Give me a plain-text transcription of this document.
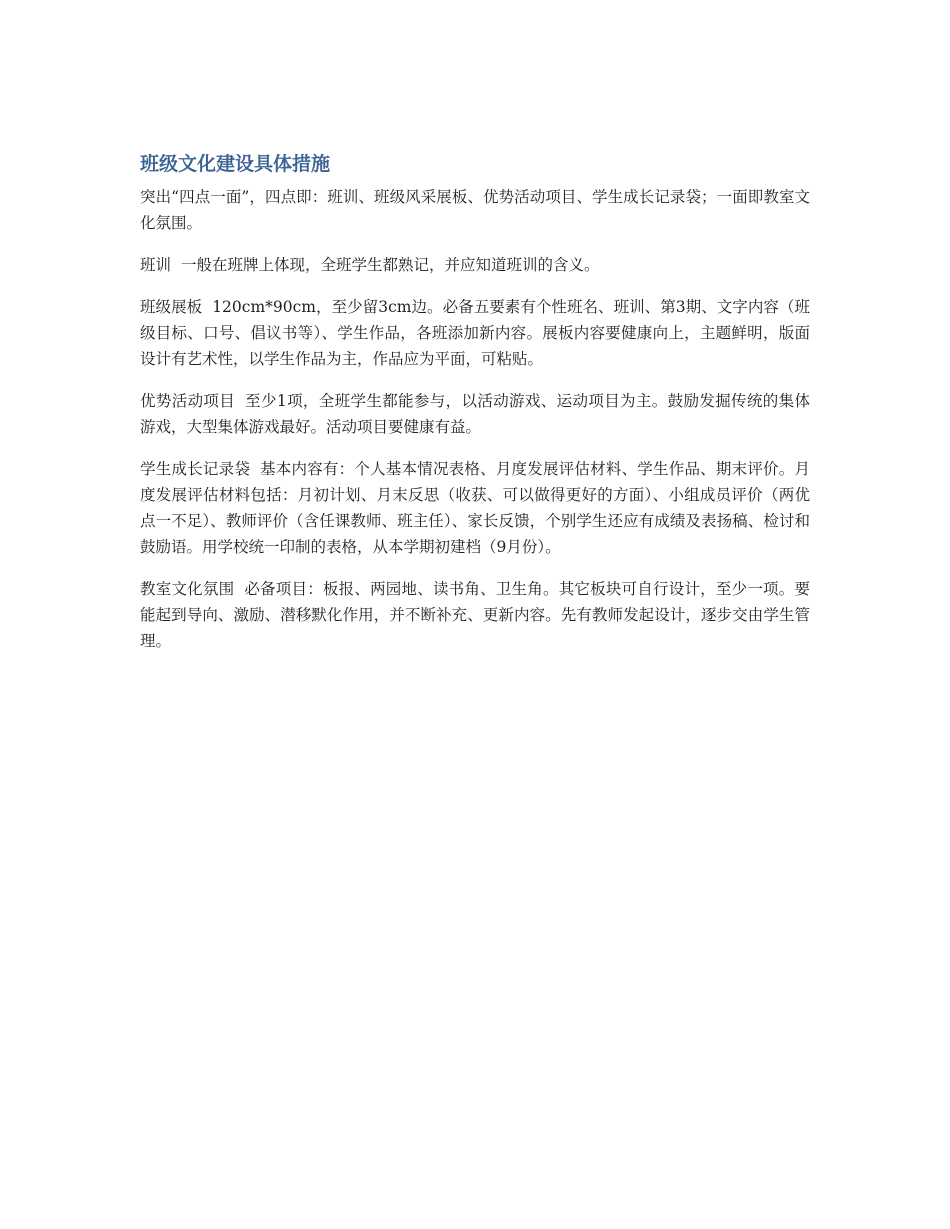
班级文化建设具体措施

突出“四点一面”，四点即：班训、班级风采展板、优势活动项目、学生成长记录袋；一面即教室文化氛围。

班训 一般在班牌上体现，全班学生都熟记，并应知道班训的含义。

班级展板 120cm*90cm，至少留3cm边。必备五要素有个性班名、班训、第3期、文字内容（班级目标、口号、倡议书等）、学生作品，各班添加新内容。展板内容要健康向上，主题鲜明，版面设计有艺术性，以学生作品为主，作品应为平面，可粘贴。

优势活动项目 至少1项，全班学生都能参与，以活动游戏、运动项目为主。鼓励发掘传统的集体游戏，大型集体游戏最好。活动项目要健康有益。

学生成长记录袋 基本内容有：个人基本情况表格、月度发展评估材料、学生作品、期末评价。月度发展评估材料包括：月初计划、月末反思（收获、可以做得更好的方面）、小组成员评价（两优点一不足）、教师评价（含任课教师、班主任）、家长反馈，个别学生还应有成绩及表扬稿、检讨和鼓励语。用学校统一印制的表格，从本学期初建档（9月份）。

教室文化氛围 必备项目：板报、两园地、读书角、卫生角。其它板块可自行设计，至少一项。要能起到导向、激励、潜移默化作用，并不断补充、更新内容。先有教师发起设计，逐步交由学生管理。
